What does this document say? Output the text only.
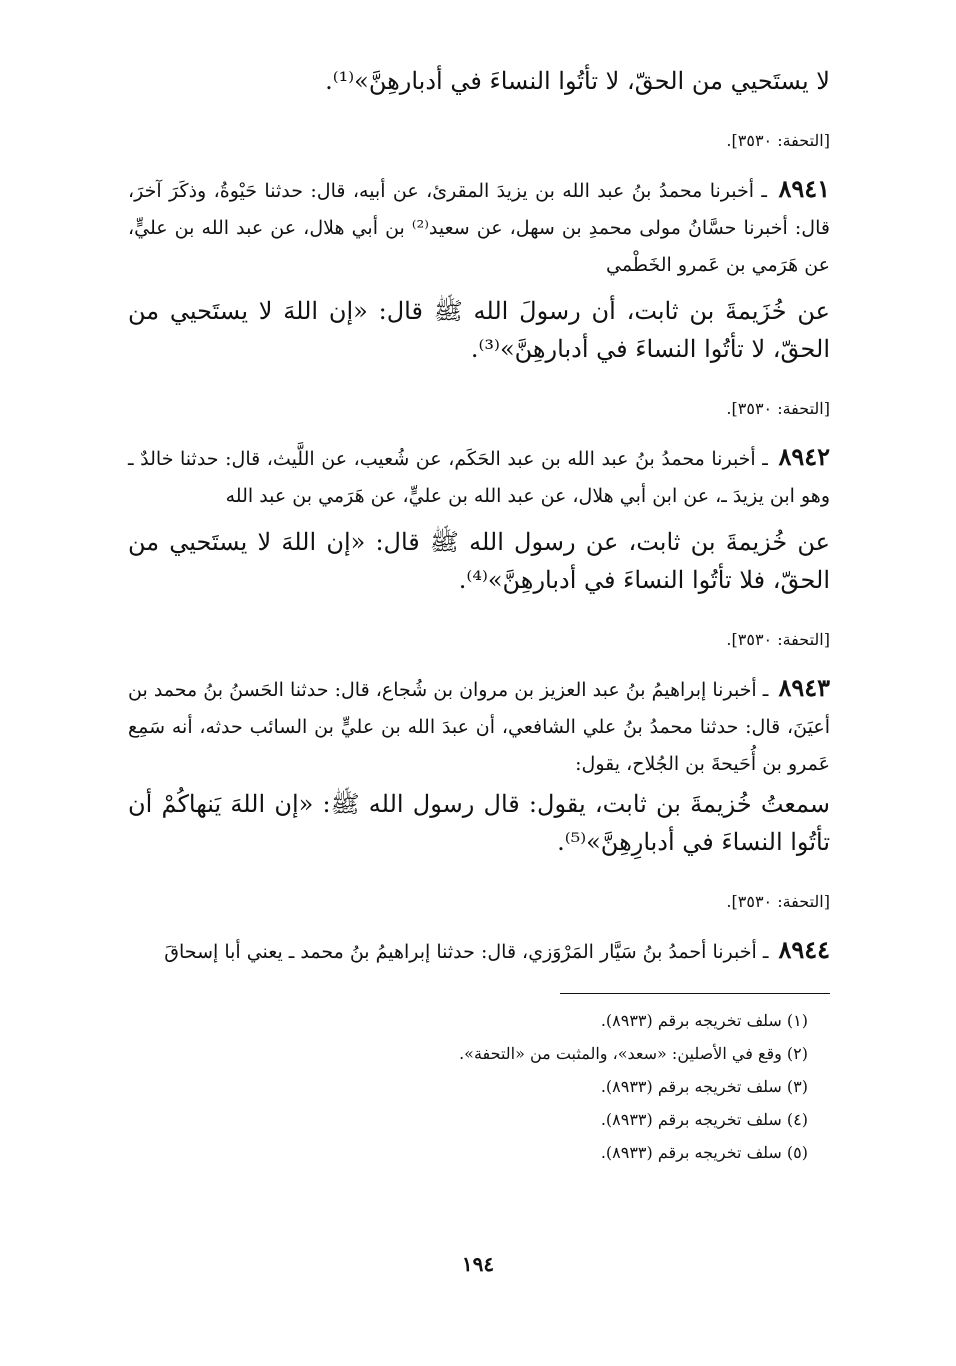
لا يستَحيي من الحقّ، لا تأتُوا النساءَ في أدبارهِنَّ»⁽¹⁾.

[التحفة: ٣٥٣٠].

٨٩٤١ ـ أخبرنا محمدُ بنُ عبد الله بن يزيدَ المقرئ، عن أبيه، قال: حدثنا حَيْوةُ، وذكَرَ آخرَ، قال: أخبرنا حسَّانُ مولى محمدِ بن سهل، عن سعيد⁽²⁾ بن أبي هلال، عن عبد الله بن عليٍّ، عن هَرَمي بن عَمرو الخَطْمي

عن خُزَيمةَ بن ثابت، أن رسولَ الله ﷺ قال: «إن اللهَ لا يستَحيي من الحقّ، لا تأتُوا النساءَ في أدبارهِنَّ»⁽³⁾.

[التحفة: ٣٥٣٠].

٨٩٤٢ ـ أخبرنا محمدُ بنُ عبد الله بن عبد الحَكَم، عن شُعيب، عن اللَّيث، قال: حدثنا خالدٌ ـ وهو ابن يزيدَ ـ، عن ابن أبي هلال، عن عبد الله بن عليٍّ، عن هَرَمي بن عبد الله

عن خُزيمةَ بن ثابت، عن رسول الله ﷺ قال: «إن اللهَ لا يستَحيي من الحقّ، فلا تأتُوا النساءَ في أدبارهِنَّ»⁽⁴⁾.

[التحفة: ٣٥٣٠].

٨٩٤٣ ـ أخبرنا إبراهيمُ بنُ عبد العزيز بن مروان بن شُجاع، قال: حدثنا الحَسنُ بنُ محمد بن أعيَنَ، قال: حدثنا محمدُ بنُ علي الشافعي، أن عبدَ الله بن عليٍّ بن السائب حدثه، أنه سَمِع عَمرو بن أُحَيحةَ بن الجُلاح، يقول:

سمعتُ خُزيمةَ بن ثابت، يقول: قال رسول الله ﷺ: «إن اللهَ يَنهاكُمْ أن تأتُوا النساءَ في أدبارِهِنَّ»⁽⁵⁾.

[التحفة: ٣٥٣٠].

٨٩٤٤ ـ أخبرنا أحمدُ بنُ سَيَّار المَرْوَزي، قال: حدثنا إبراهيمُ بنُ محمد ـ يعني أبا إسحاقَ

(١) سلف تخريجه برقم (٨٩٣٣).
(٢) وقع في الأصلين: «سعد»، والمثبت من «التحفة».
(٣) سلف تخريجه برقم (٨٩٣٣).
(٤) سلف تخريجه برقم (٨٩٣٣).
(٥) سلف تخريجه برقم (٨٩٣٣).
١٩٤
